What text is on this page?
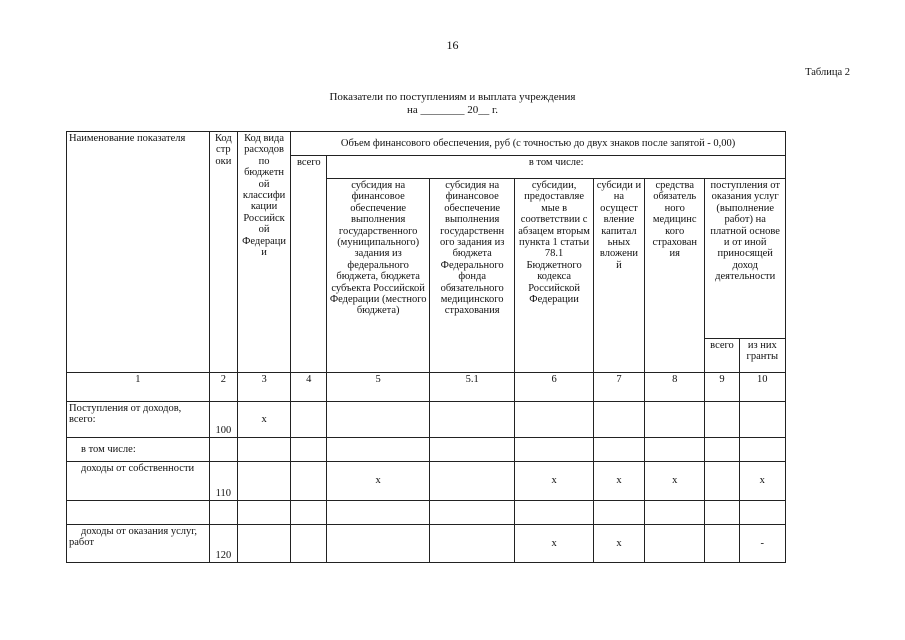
16
Таблица 2
Показатели по поступлениям и выплата учреждения
на ________ 20__ г.
Наименование показателя	Код стр оки	Код вида расходов по бюджетн ой классифи кации Российск ой Федераци и	Объем финансового обеспечения, руб (с точностью до двух знаков после запятой - 0,00)							
			всего	в том числе:						
				субсидия на финансовое обеспечение выполнения государственного (муниципального) задания из федерального бюджета, бюджета субъекта Российской Федерации (местного бюджета)	субсидия на финансовое обеспечение выполнения государственн ого задания из бюджета Федерального фонда обязательного медицинского страхования	субсидии, предоставляе мые в соответствии с абзацем вторым пункта 1 статьи 78.1 Бюджетного кодекса Российской Федерации	субсиди и на осущест вление капитал ьных вложени й	средства обязатель ного медицинс кого страхован ия	поступления от оказания услуг (выполнение работ) на платной основе и от иной приносящей доход деятельности	
									всего	из них гранты
1	2	3	4	5	5.1	6	7	8	9	10
Поступления от доходов, всего:	100	x								
в том числе:										
доходы от собственности	110			x		x	x	x		x

доходы от оказания услуг, работ	120					x	x			-
